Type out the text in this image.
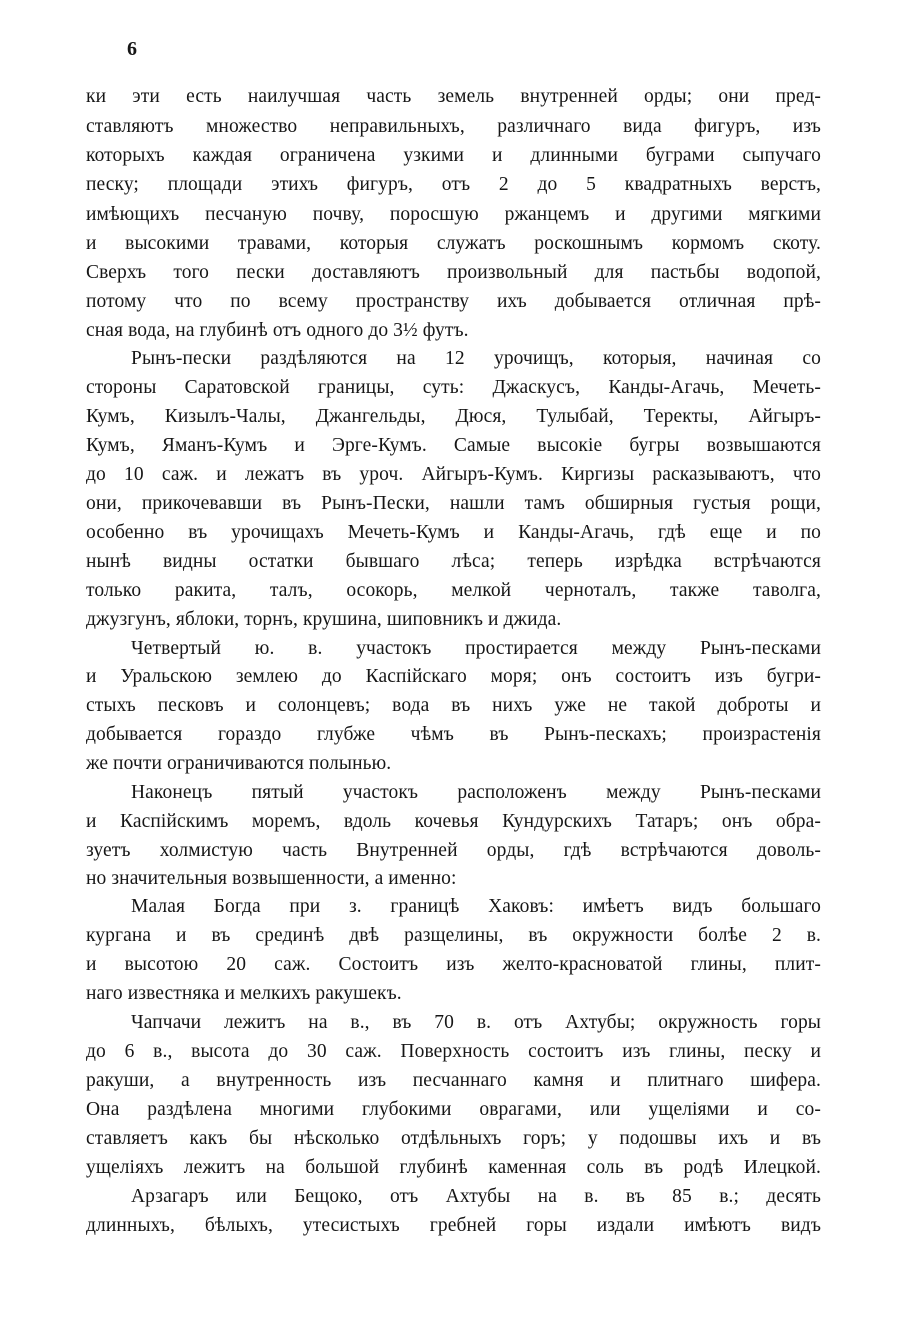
6
ки эти есть наилучшая часть земель внутренней орды; они пред-
ставляютъ множество неправильныхъ, различнаго вида фигуръ, изъ
которыхъ каждая ограничена узкими и длинными буграми сыпучаго
песку; площади этихъ фигуръ, отъ 2 до 5 квадратныхъ верстъ,
имѣющихъ песчаную почву, поросшую ржанцемъ и другими мягкими
и высокими травами, которыя служатъ роскошнымъ кормомъ скоту.
Сверхъ того пески доставляютъ произвольный для пастьбы водопой,
потому что по всему пространству ихъ добывается отличная прѣ-
сная вода, на глубинѣ отъ одного до 3½ футъ.
Рынъ-пески раздѣляются на 12 урочищъ, которыя, начиная со
стороны Саратовской границы, суть: Джаскусъ, Канды-Агачь, Мечеть-
Кумъ, Кизылъ-Чалы, Джангельды, Дюся, Тулыбай, Теректы, Айгыръ-
Кумъ, Яманъ-Кумъ и Эрге-Кумъ. Самые высокіе бугры возвышаются
до 10 саж. и лежатъ въ уроч. Айгыръ-Кумъ. Киргизы расказываютъ, что
они, прикочевавши въ Рынъ-Пески, нашли тамъ обширныя густыя рощи,
особенно въ урочищахъ Мечеть-Кумъ и Канды-Агачь, гдѣ еще и по
нынѣ видны остатки бывшаго лѣса; теперь изрѣдка встрѣчаются
только ракита, талъ, осокорь, мелкой черноталъ, также таволга,
джузгунъ, яблоки, торнъ, крушина, шиповникъ и джида.
Четвертый ю. в. участокъ простирается между Рынъ-песками
и Уральскою землею до Каспійскаго моря; онъ состоитъ изъ бугри-
стыхъ песковъ и солонцевъ; вода въ нихъ уже не такой доброты и
добывается гораздо глубже чѣмъ въ Рынъ-пескахъ; произрастенія
же почти ограничиваются полынью.
Наконецъ пятый участокъ расположенъ между Рынъ-песками
и Каспійскимъ моремъ, вдоль кочевья Кундурскихъ Татаръ; онъ обра-
зуетъ холмистую часть Внутренней орды, гдѣ встрѣчаются доволь-
но значительныя возвышенности, а именно:
Малая Богда при з. границѣ Хаковъ: имѣетъ видъ большаго
кургана и въ срединѣ двѣ разщелины, въ окружности болѣе 2 в.
и высотою 20 саж. Состоитъ изъ желто-красноватой глины, плит-
наго известняка и мелкихъ ракушекъ.
Чапчачи лежитъ на в., въ 70 в. отъ Ахтубы; окружность горы
до 6 в., высота до 30 саж. Поверхность состоитъ изъ глины, песку и
ракуши, а внутренность изъ песчаннаго камня и плитнаго шифера.
Она раздѣлена многими глубокими оврагами, или ущеліями и со-
ставляетъ какъ бы нѣсколько отдѣльныхъ горъ; у подошвы ихъ и въ
ущеліяхъ лежитъ на большой глубинѣ каменная соль въ родѣ Илецкой.
Арзагаръ или Бещоко, отъ Ахтубы на в. въ 85 в.; десять
длинныхъ, бѣлыхъ, утесистыхъ гребней горы издали имѣютъ видъ
